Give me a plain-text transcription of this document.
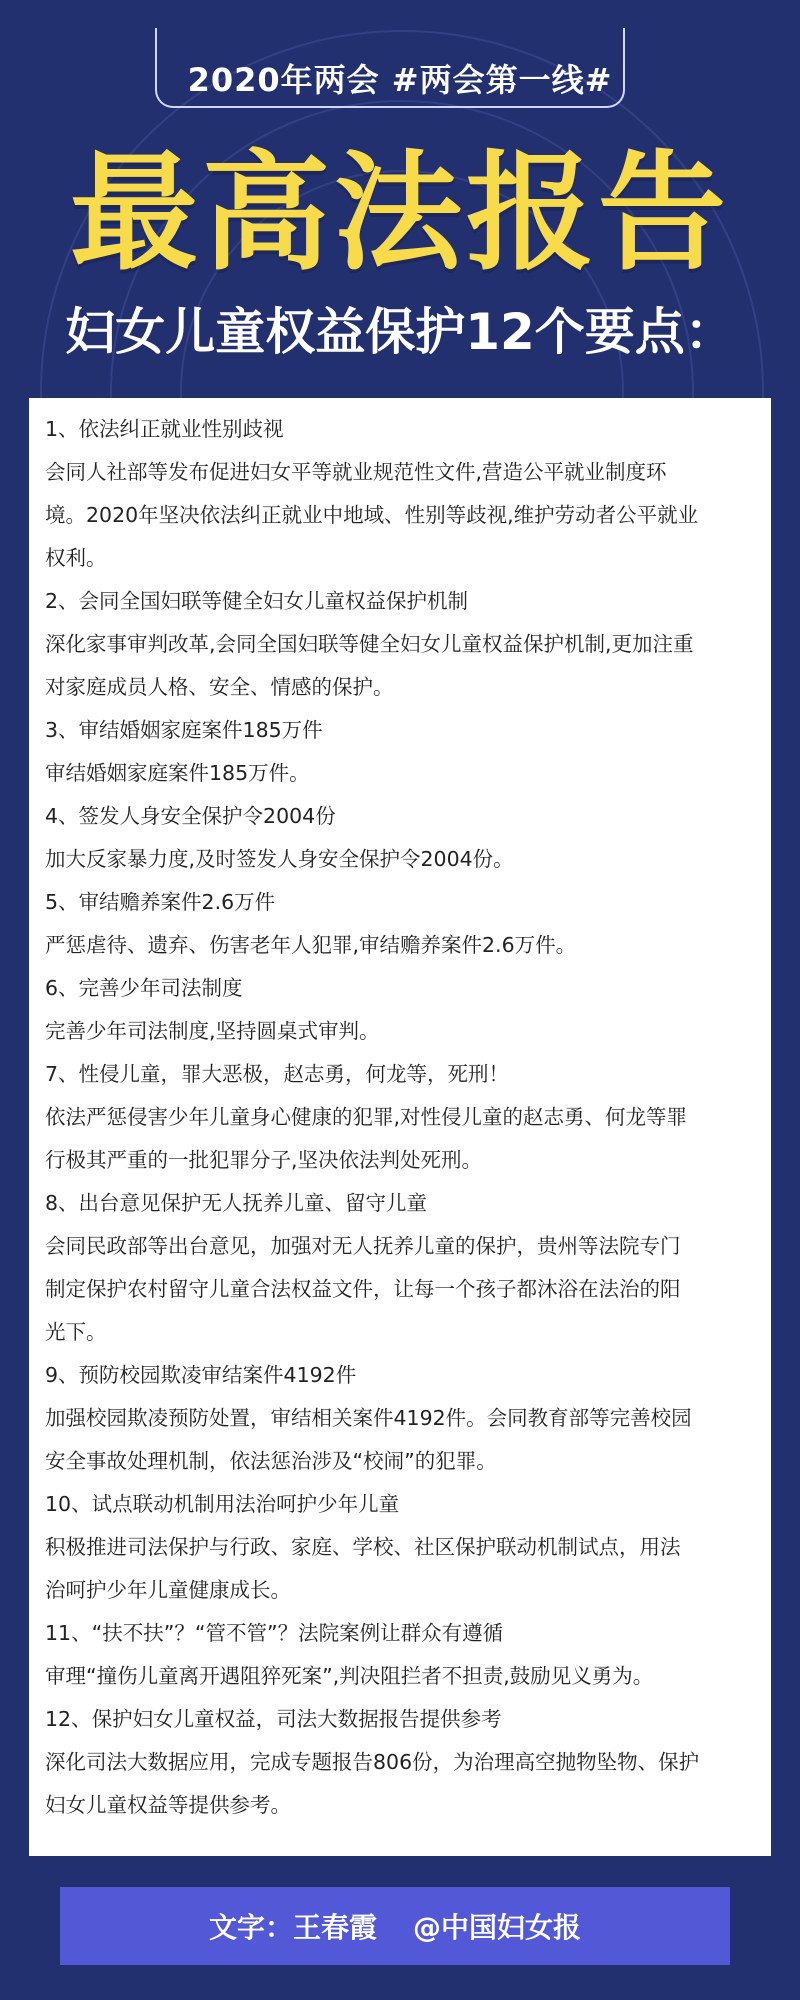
2020年两会 #两会第一线#
最高法报告
妇女儿童权益保护12个要点：
1、依法纠正就业性别歧视
会同人社部等发布促进妇女平等就业规范性文件,营造公平就业制度环
境。2020年坚决依法纠正就业中地域、性别等歧视,维护劳动者公平就业
权利。
2、会同全国妇联等健全妇女儿童权益保护机制
深化家事审判改革,会同全国妇联等健全妇女儿童权益保护机制,更加注重
对家庭成员人格、安全、情感的保护。
3、审结婚姻家庭案件185万件
审结婚姻家庭案件185万件。
4、签发人身安全保护令2004份
加大反家暴力度,及时签发人身安全保护令2004份。
5、审结赡养案件2.6万件
严惩虐待、遗弃、伤害老年人犯罪,审结赡养案件2.6万件。
6、完善少年司法制度
完善少年司法制度,坚持圆桌式审判。
7、性侵儿童，罪大恶极，赵志勇，何龙等，死刑！
依法严惩侵害少年儿童身心健康的犯罪,对性侵儿童的赵志勇、何龙等罪
行极其严重的一批犯罪分子,坚决依法判处死刑。
8、出台意见保护无人抚养儿童、留守儿童
会同民政部等出台意见，加强对无人抚养儿童的保护，贵州等法院专门
制定保护农村留守儿童合法权益文件，让每一个孩子都沐浴在法治的阳
光下。
9、预防校园欺凌审结案件4192件
加强校园欺凌预防处置，审结相关案件4192件。会同教育部等完善校园
安全事故处理机制，依法惩治涉及“校闹”的犯罪。
10、试点联动机制用法治呵护少年儿童
积极推进司法保护与行政、家庭、学校、社区保护联动机制试点，用法
治呵护少年儿童健康成长。
11、“扶不扶”？“管不管”？法院案例让群众有遵循
审理“撞伤儿童离开遇阻猝死案”,判决阻拦者不担责,鼓励见义勇为。
12、保护妇女儿童权益，司法大数据报告提供参考
深化司法大数据应用，完成专题报告806份，为治理高空抛物坠物、保护
妇女儿童权益等提供参考。
文字：王春霞 @中国妇女报
